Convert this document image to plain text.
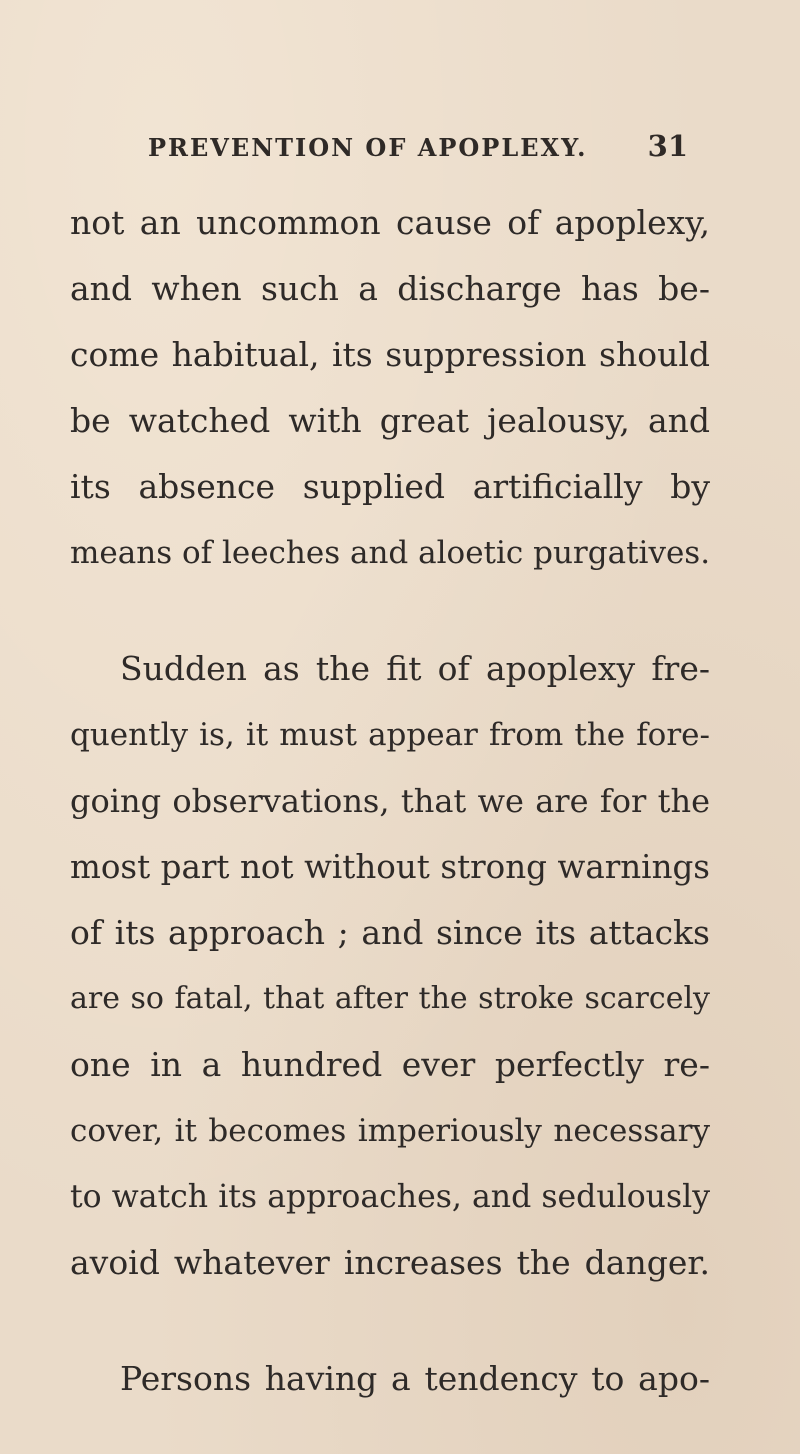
PREVENTION OF APOPLEXY. 31
not an uncommon cause of apoplexy,
and when such a discharge has be-
come habitual, its suppression should
be watched with great jealousy, and
its absence supplied artificially by
means of leeches and aloetic purgatives.
Sudden as the fit of apoplexy fre-
quently is, it must appear from the fore-
going observations, that we are for the
most part not without strong warnings
of its approach ; and since its attacks
are so fatal, that after the stroke scarcely
one in a hundred ever perfectly re-
cover, it becomes imperiously necessary
to watch its approaches, and sedulously
avoid whatever increases the danger.
Persons having a tendency to apo-
